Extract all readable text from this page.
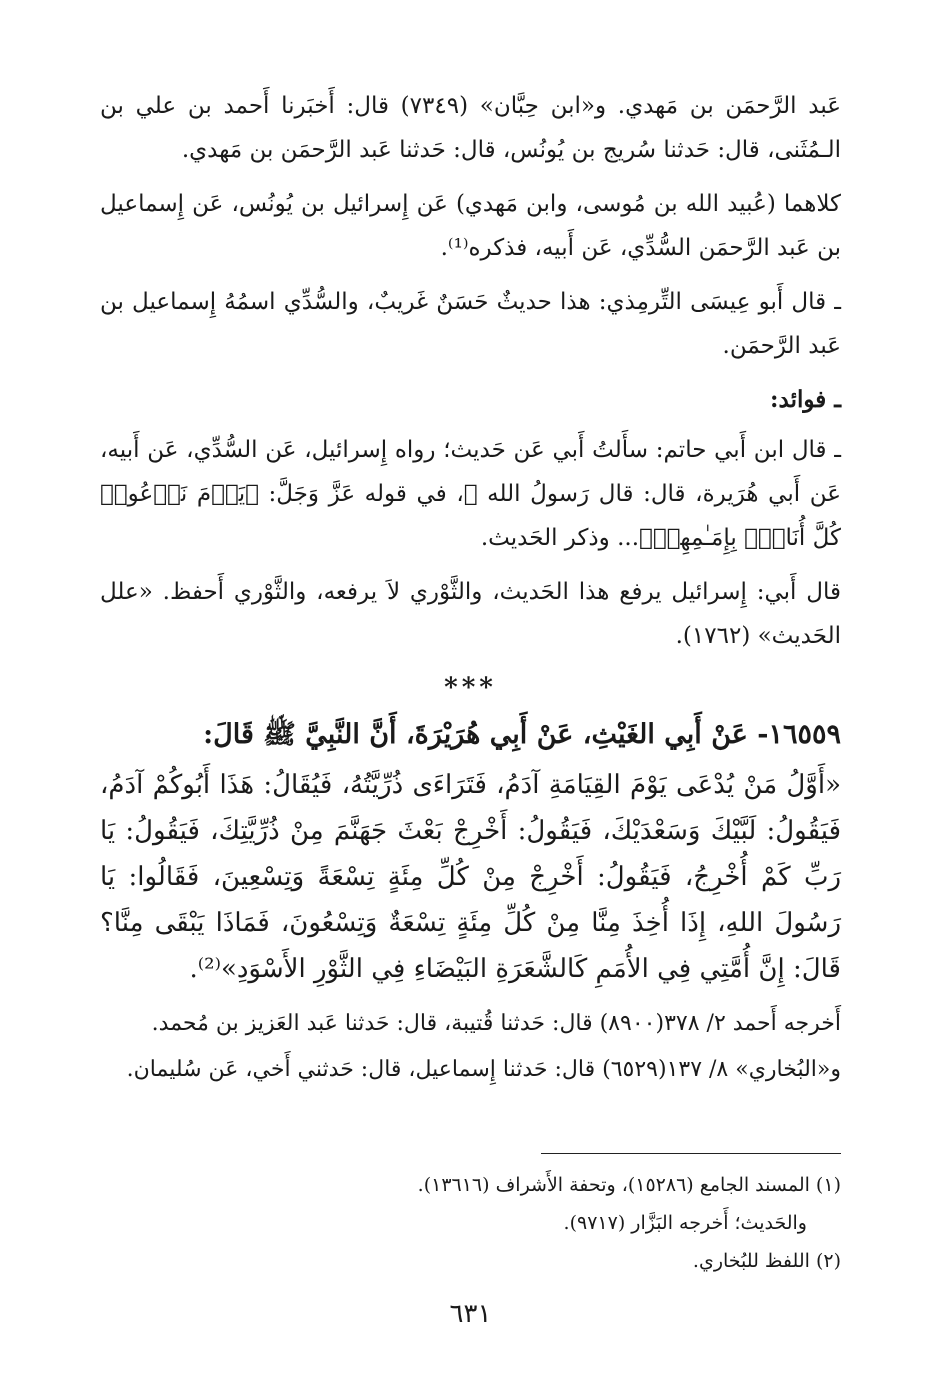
عَبد الرَّحمَن بن مَهدي. و«ابن حِبَّان» (٧٣٤٩) قال: أَخبَرنا أَحمد بن علي بن الـمُثَنى، قال: حَدثنا سُريج بن يُونُس، قال: حَدثنا عَبد الرَّحمَن بن مَهدي.

كلاهما (عُبيد الله بن مُوسى، وابن مَهدي) عَن إِسرائيل بن يُونُس، عَن إِسماعيل بن عَبد الرَّحمَن السُّدِّي، عَن أَبيه، فذكره⁽¹⁾.

ـ قال أَبو عِيسَى التِّرمِذي: هذا حديثٌ حَسَنٌ غَريبٌ، والسُّدِّي اسمُهُ إِسماعيل بن عَبد الرَّحمَن.

ـ فوائد:

ـ قال ابن أَبي حاتم: سأَلتُ أَبي عَن حَديث؛ رواه إِسرائيل، عَن السُّدِّي، عَن أَبيه، عَن أَبي هُرَيرة، قال: قال رَسولُ الله ﷺ، في قوله عَزَّ وَجَلَّ: ﴿يَوۡمَ نَدۡعُوا۟ كُلَّ أُنَاسِۭ بِإِمَـٰمِهِمۡ﴾... وذكر الحَديث.

قال أَبي: إِسرائيل يرفع هذا الحَديث، والثَّوْري لاَ يرفعه، والثَّوْري أَحفظ. «علل الحَديث» (١٧٦٢).

***

١٦٥٥٩- عَنْ أَبِي الغَيْثِ، عَنْ أَبِي هُرَيْرَةَ، أَنَّ النَّبِيَّ ﷺ قَالَ:

«أَوَّلُ مَنْ يُدْعَى يَوْمَ القِيَامَةِ آدَمُ، فَتَرَاءَى ذُرِّيَّتُهُ، فَيُقَالُ: هَذَا أَبُوكُمْ آدَمُ، فَيَقُولُ: لَبَّيْكَ وَسَعْدَيْكَ، فَيَقُولُ: أَخْرِجْ بَعْثَ جَهَنَّمَ مِنْ ذُرِّيَّتِكَ، فَيَقُولُ: يَا رَبِّ كَمْ أُخْرِجُ، فَيَقُولُ: أَخْرِجْ مِنْ كُلِّ مِئَةٍ تِسْعَةً وَتِسْعِينَ، فَقَالُوا: يَا رَسُولَ اللهِ، إِذَا أُخِذَ مِنَّا مِنْ كُلِّ مِئَةٍ تِسْعَةٌ وَتِسْعُونَ، فَمَاذَا يَبْقَى مِنَّا؟ قَالَ: إِنَّ أُمَّتِي فِي الأُمَمِ كَالشَّعَرَةِ البَيْضَاءِ فِي الثَّوْرِ الأَسْوَدِ»⁽²⁾.

أَخرجه أَحمد ٢/ ٣٧٨(٨٩٠٠) قال: حَدثنا قُتيبة، قال: حَدثنا عَبد العَزيز بن مُحمد.

و«البُخاري» ٨/ ١٣٧(٦٥٢٩) قال: حَدثنا إِسماعيل، قال: حَدثني أَخي، عَن سُليمان.

(١) المسند الجامع (١٥٢٨٦)، وتحفة الأَشراف (١٣٦١٦).
والحَديث؛ أَخرجه البَزَّار (٩٧١٧).
(٢) اللفظ للبُخاري.
٦٣١
